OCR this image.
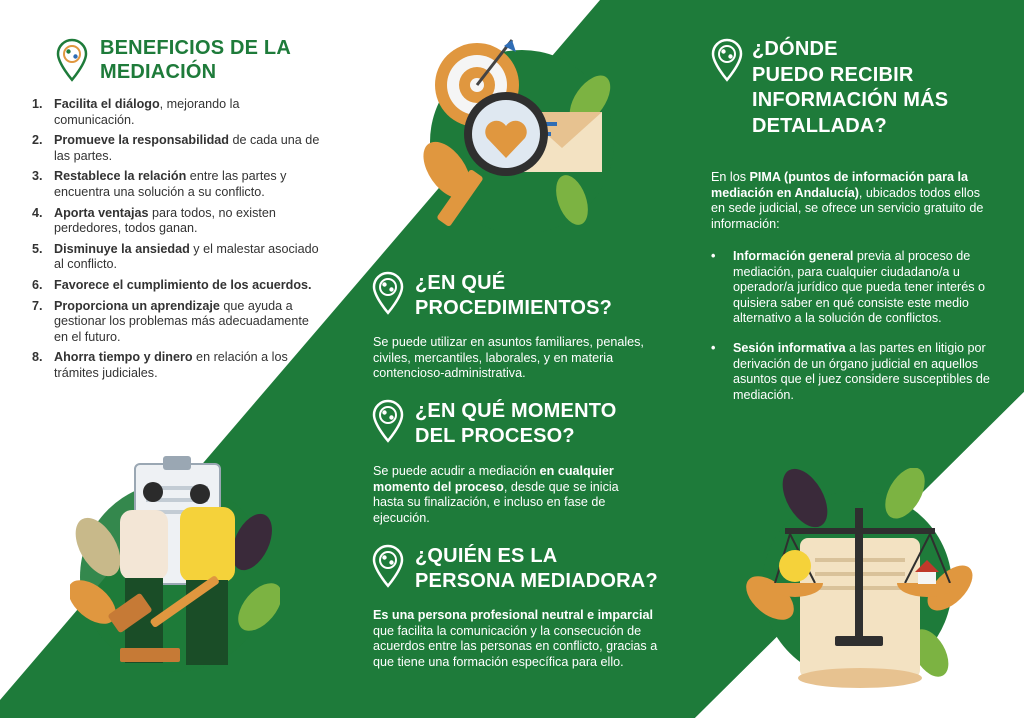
BENEFICIOS DE LA
MEDIACIÓN
1. Facilita el diálogo, mejorando la comunicación.
2. Promueve la responsabilidad de cada una de las partes.
3. Restablece la relación entre las partes y encuentra una solución a su conflicto.
4. Aporta ventajas para todos, no existen perdedores, todos ganan.
5. Disminuye la ansiedad y el malestar asociado al conflicto.
6. Favorece el cumplimiento de los acuerdos.
7. Proporciona un aprendizaje que ayuda a gestionar los problemas más adecuadamente en el futuro.
8. Ahorra tiempo y dinero en relación a los trámites judiciales.
¿EN QUÉ
PROCEDIMIENTOS?

Se puede utilizar en asuntos familiares, penales, civiles, mercantiles, laborales, y en materia contencioso-administrativa.

¿EN QUÉ MOMENTO
DEL PROCESO?

Se puede acudir a mediación en cualquier momento del proceso, desde que se inicia hasta su finalización, e incluso en fase de ejecución.

¿QUIÉN ES LA
PERSONA MEDIADORA?

Es una persona profesional neutral e imparcial que facilita la comunicación y la consecución de acuerdos entre las personas en conflicto, gracias a que tiene una formación específica para ello.

¿DÓNDE
PUEDO RECIBIR
INFORMACIÓN MÁS
DETALLADA?

En los PIMA (puntos de información para la mediación en Andalucía), ubicados todos ellos en sede judicial, se ofrece un servicio gratuito de información:

• Información general previa al proceso de mediación, para cualquier ciudadano/a u operador/a jurídico que pueda tener interés o quisiera saber en qué consiste este medio alternativo a la solución de conflictos.
• Sesión informativa a las partes en litigio por derivación de un órgano judicial en aquellos asuntos que el juez considere susceptibles de mediación.
